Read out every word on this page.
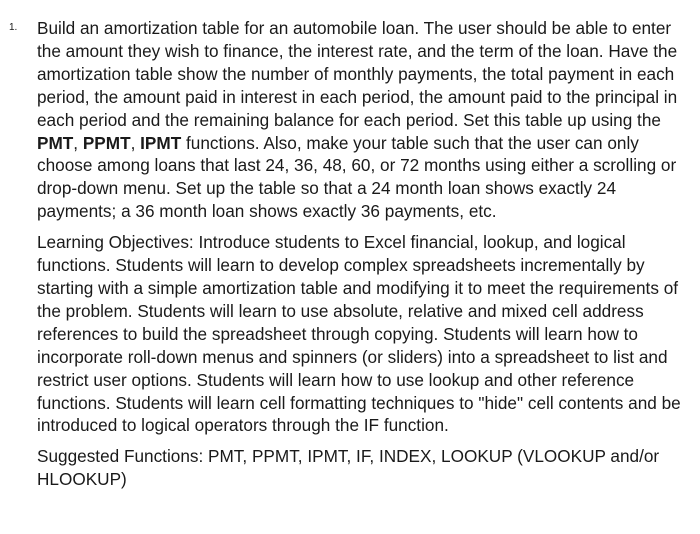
1. Build an amortization table for an automobile loan. The user should be able to enter the amount they wish to finance, the interest rate, and the term of the loan. Have the amortization table show the number of monthly payments, the total payment in each period, the amount paid in interest in each period, the amount paid to the principal in each period and the remaining balance for each period. Set this table up using the PMT, PPMT, IPMT functions. Also, make your table such that the user can only choose among loans that last 24, 36, 48, 60, or 72 months using either a scrolling or drop-down menu. Set up the table so that a 24 month loan shows exactly 24 payments; a 36 month loan shows exactly 36 payments, etc.

Learning Objectives: Introduce students to Excel financial, lookup, and logical functions. Students will learn to develop complex spreadsheets incrementally by starting with a simple amortization table and modifying it to meet the requirements of the problem. Students will learn to use absolute, relative and mixed cell address references to build the spreadsheet through copying. Students will learn how to incorporate roll-down menus and spinners (or sliders) into a spreadsheet to list and restrict user options. Students will learn how to use lookup and other reference functions. Students will learn cell formatting techniques to "hide" cell contents and be introduced to logical operators through the IF function.

Suggested Functions: PMT, PPMT, IPMT, IF, INDEX, LOOKUP (VLOOKUP and/or HLOOKUP)
